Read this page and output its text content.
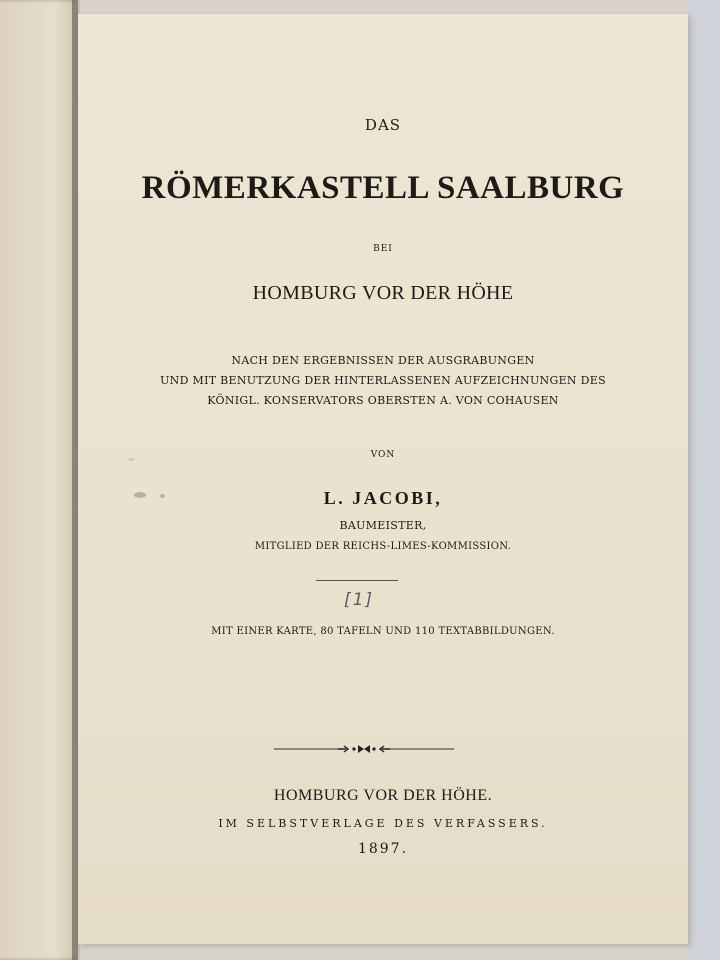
DAS
RÖMERKASTELL SAALBURG
BEI
HOMBURG VOR DER HÖHE
NACH DEN ERGEBNISSEN DER AUSGRABUNGEN
UND MIT BENUTZUNG DER HINTERLASSENEN AUFZEICHNUNGEN DES
KÖNIGL. KONSERVATORS OBERSTEN A. VON COHAUSEN
VON
L. JACOBI,
BAUMEISTER,
MITGLIED DER REICHS-LIMES-KOMMISSION.
[1]
MIT EINER KARTE, 80 TAFELN UND 110 TEXTABBILDUNGEN.
HOMBURG VOR DER HÖHE.
IM SELBSTVERLAGE DES VERFASSERS.
1897.
